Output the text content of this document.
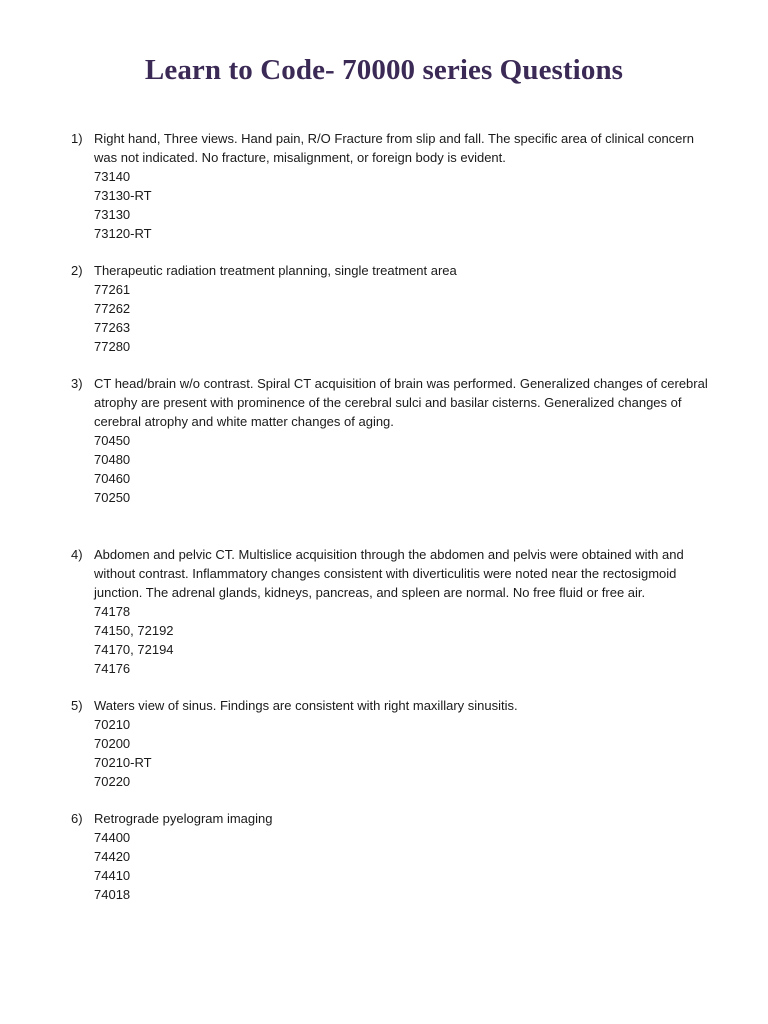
Learn to Code- 70000 series Questions
1) Right hand, Three views. Hand pain, R/O Fracture from slip and fall. The specific area of clinical concern was not indicated. No fracture, misalignment, or foreign body is evident.
73140
73130-RT
73130
73120-RT
2) Therapeutic radiation treatment planning, single treatment area
77261
77262
77263
77280
3) CT head/brain w/o contrast. Spiral CT acquisition of brain was performed. Generalized changes of cerebral atrophy are present with prominence of the cerebral sulci and basilar cisterns. Generalized changes of cerebral atrophy and white matter changes of aging.
70450
70480
70460
70250
4) Abdomen and pelvic CT. Multislice acquisition through the abdomen and pelvis were obtained with and without contrast. Inflammatory changes consistent with diverticulitis were noted near the rectosigmoid junction. The adrenal glands, kidneys, pancreas, and spleen are normal. No free fluid or free air.
74178
74150, 72192
74170, 72194
74176
5) Waters view of sinus. Findings are consistent with right maxillary sinusitis.
70210
70200
70210-RT
70220
6) Retrograde pyelogram imaging
74400
74420
74410
74018
